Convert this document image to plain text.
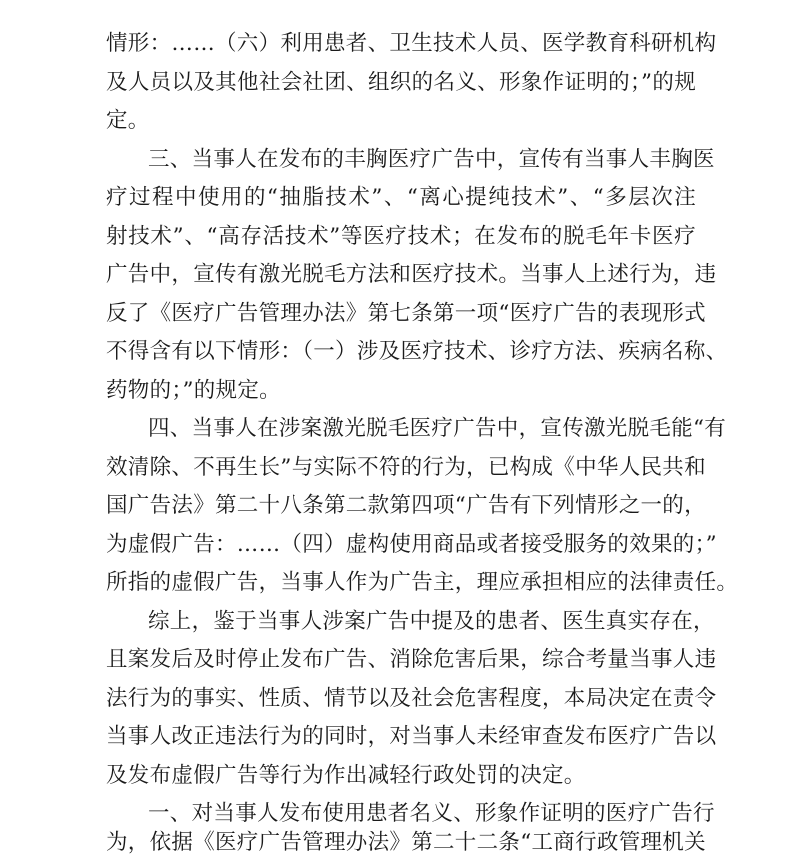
情形：……（六）利用患者、卫生技术人员、医学教育科研机构
及人员以及其他社会社团、组织的名义、形象作证明的；”的规
定。
三、当事人在发布的丰胸医疗广告中，宣传有当事人丰胸医
疗过程中使用的“抽脂技术”、“离心提纯技术”、“多层次注
射技术”、“高存活技术”等医疗技术；在发布的脱毛年卡医疗
广告中，宣传有激光脱毛方法和医疗技术。当事人上述行为，违
反了《医疗广告管理办法》第七条第一项“医疗广告的表现形式
不得含有以下情形：（一）涉及医疗技术、诊疗方法、疾病名称、
药物的；”的规定。
四、当事人在涉案激光脱毛医疗广告中，宣传激光脱毛能“有
效清除、不再生长”与实际不符的行为，已构成《中华人民共和
国广告法》第二十八条第二款第四项“广告有下列情形之一的，
为虚假广告：……（四）虚构使用商品或者接受服务的效果的；”
所指的虚假广告，当事人作为广告主，理应承担相应的法律责任。
综上，鉴于当事人涉案广告中提及的患者、医生真实存在，
且案发后及时停止发布广告、消除危害后果，综合考量当事人违
法行为的事实、性质、情节以及社会危害程度，本局决定在责令
当事人改正违法行为的同时，对当事人未经审查发布医疗广告以
及发布虚假广告等行为作出减轻行政处罚的决定。
一、对当事人发布使用患者名义、形象作证明的医疗广告行
为，依据《医疗广告管理办法》第二十二条“工商行政管理机关
